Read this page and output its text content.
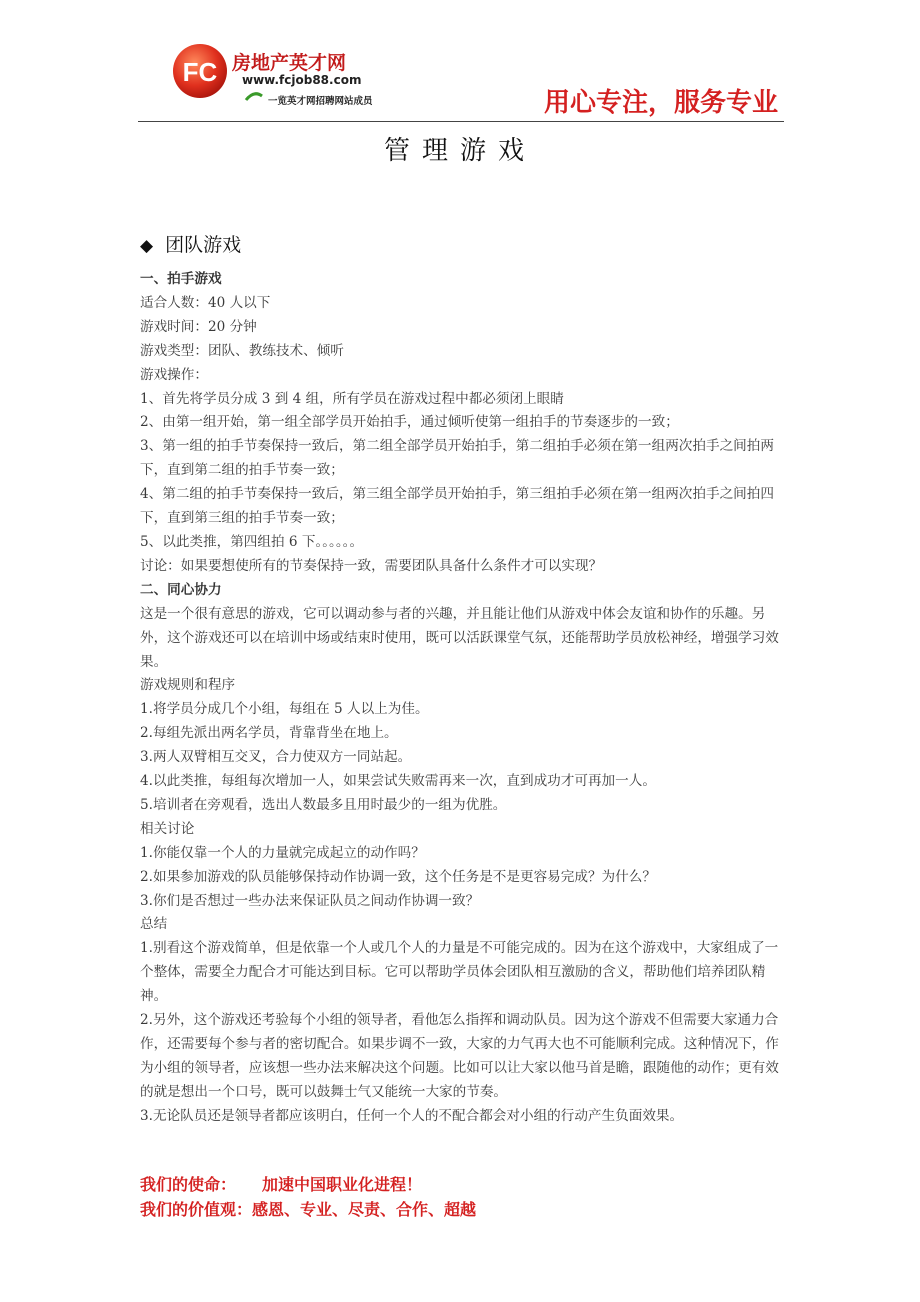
FC 房地产英才网
www.fcjob88.com
一览英才网招聘网站成员	用心专注，服务专业
管理游戏
◆ 团队游戏

一、拍手游戏

适合人数：40 人以下

游戏时间：20 分钟

游戏类型：团队、教练技术、倾听

游戏操作：

1、首先将学员分成 3 到 4 组，所有学员在游戏过程中都必须闭上眼睛

2、由第一组开始，第一组全部学员开始拍手，通过倾听使第一组拍手的节奏逐步的一致；

3、第一组的拍手节奏保持一致后，第二组全部学员开始拍手，第二组拍手必须在第一组两次拍手之间拍两下，直到第二组的拍手节奏一致；

4、第二组的拍手节奏保持一致后，第三组全部学员开始拍手，第三组拍手必须在第一组两次拍手之间拍四下，直到第三组的拍手节奏一致；

5、以此类推，第四组拍 6 下。。。。。。

讨论：如果要想使所有的节奏保持一致，需要团队具备什么条件才可以实现？

二、同心协力

这是一个很有意思的游戏，它可以调动参与者的兴趣，并且能让他们从游戏中体会友谊和协作的乐趣。另外，这个游戏还可以在培训中场或结束时使用，既可以活跃课堂气氛，还能帮助学员放松神经，增强学习效果。

游戏规则和程序

1.将学员分成几个小组，每组在 5 人以上为佳。

2.每组先派出两名学员，背靠背坐在地上。

3.两人双臂相互交叉，合力使双方一同站起。

4.以此类推，每组每次增加一人，如果尝试失败需再来一次，直到成功才可再加一人。

5.培训者在旁观看，选出人数最多且用时最少的一组为优胜。

相关讨论

1.你能仅靠一个人的力量就完成起立的动作吗？

2.如果参加游戏的队员能够保持动作协调一致，这个任务是不是更容易完成？为什么？

3.你们是否想过一些办法来保证队员之间动作协调一致？

总结

1.别看这个游戏简单，但是依靠一个人或几个人的力量是不可能完成的。因为在这个游戏中，大家组成了一个整体，需要全力配合才可能达到目标。它可以帮助学员体会团队相互激励的含义，帮助他们培养团队精神。

2.另外，这个游戏还考验每个小组的领导者，看他怎么指挥和调动队员。因为这个游戏不但需要大家通力合作，还需要每个参与者的密切配合。如果步调不一致，大家的力气再大也不可能顺利完成。这种情况下，作为小组的领导者，应该想一些办法来解决这个问题。比如可以让大家以他马首是瞻，跟随他的动作；更有效的就是想出一个口号，既可以鼓舞士气又能统一大家的节奏。

3.无论队员还是领导者都应该明白，任何一个人的不配合都会对小组的行动产生负面效果。

我们的使命： 加速中国职业化进程！
我们的价值观：感恩、专业、尽责、合作、超越
